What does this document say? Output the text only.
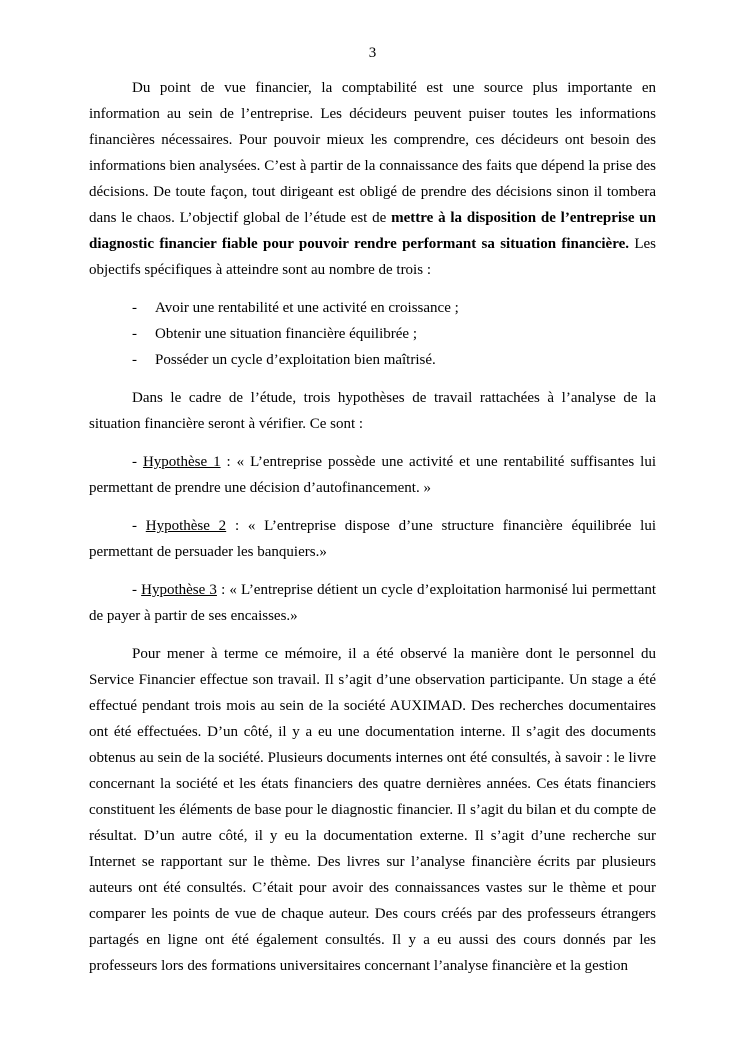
3

Du point de vue financier, la comptabilité est une source plus importante en information au sein de l’entreprise. Les décideurs peuvent puiser toutes les informations financières nécessaires. Pour pouvoir mieux les comprendre, ces décideurs ont besoin des informations bien analysées. C’est à partir de la connaissance des faits que dépend la prise des décisions. De toute façon, tout dirigeant est obligé de prendre des décisions sinon il tombera dans le chaos. L’objectif global de l’étude est de mettre à la disposition de l’entreprise un diagnostic financier fiable pour pouvoir rendre performant sa situation financière. Les objectifs spécifiques à atteindre sont au nombre de trois :

- Avoir une rentabilité et une activité en croissance ;
- Obtenir une situation financière équilibrée ;
- Posséder un cycle d’exploitation bien maîtrisé.

Dans le cadre de l’étude, trois hypothèses de travail rattachées à l’analyse de la situation financière seront à vérifier. Ce sont :

- Hypothèse 1 : « L’entreprise possède une activité et une rentabilité suffisantes lui permettant de prendre une décision d’autofinancement. »

- Hypothèse 2 : « L’entreprise dispose d’une structure financière équilibrée lui permettant de persuader les banquiers.»

- Hypothèse 3 : « L’entreprise détient un cycle d’exploitation harmonisé lui permettant de payer à partir de ses encaisses.»

Pour mener à terme ce mémoire, il a été observé la manière dont le personnel du Service Financier effectue son travail. Il s’agit d’une observation participante. Un stage a été effectué pendant trois mois au sein de la société AUXIMAD. Des recherches documentaires ont été effectuées. D’un côté, il y a eu une documentation interne. Il s’agit des documents obtenus au sein de la société. Plusieurs documents internes ont été consultés, à savoir : le livre concernant la société et les états financiers des quatre dernières années. Ces états financiers constituent les éléments de base pour le diagnostic financier. Il s’agit du bilan et du compte de résultat. D’un autre côté, il y eu la documentation externe. Il s’agit d’une recherche sur Internet se rapportant sur le thème. Des livres sur l’analyse financière écrits par plusieurs auteurs ont été consultés. C’était pour avoir des connaissances vastes sur le thème et pour comparer les points de vue de chaque auteur. Des cours créés par des professeurs étrangers partagés en ligne ont été également consultés. Il y a eu aussi des cours donnés par les professeurs lors des formations universitaires concernant l’analyse financière et la gestion
